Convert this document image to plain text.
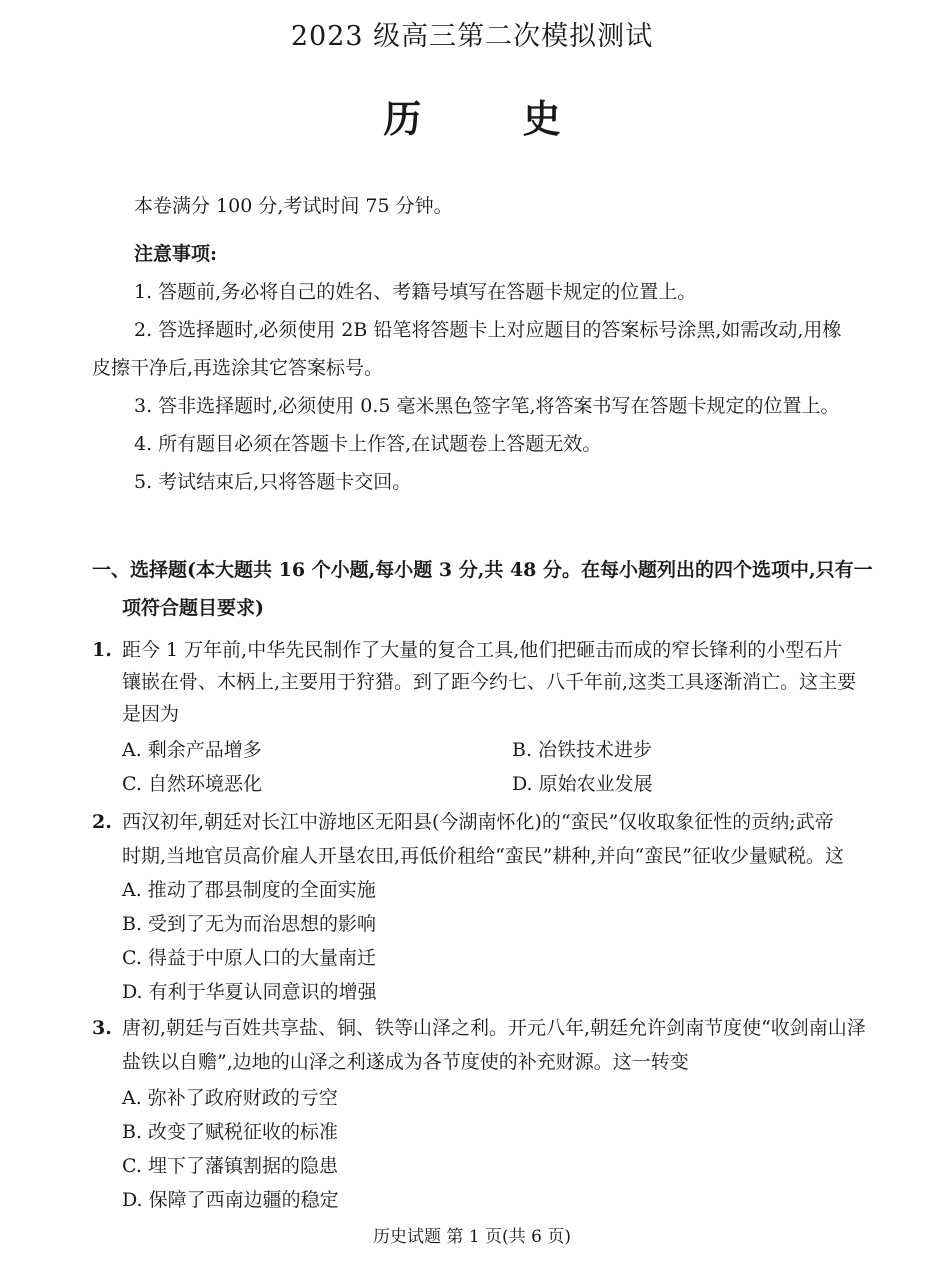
2023 级高三第二次模拟测试
历 史
本卷满分 100 分,考试时间 75 分钟。
注意事项:
1. 答题前,务必将自己的姓名、考籍号填写在答题卡规定的位置上。
2. 答选择题时,必须使用 2B 铅笔将答题卡上对应题目的答案标号涂黑,如需改动,用橡
皮擦干净后,再选涂其它答案标号。
3. 答非选择题时,必须使用 0.5 毫米黑色签字笔,将答案书写在答题卡规定的位置上。
4. 所有题目必须在答题卡上作答,在试题卷上答题无效。
5. 考试结束后,只将答题卡交回。
一、选择题(本大题共 16 个小题,每小题 3 分,共 48 分。在每小题列出的四个选项中,只有一
项符合题目要求)
1. 距今 1 万年前,中华先民制作了大量的复合工具,他们把砸击而成的窄长锋利的小型石片
镶嵌在骨、木柄上,主要用于狩猎。到了距今约七、八千年前,这类工具逐渐消亡。这主要
是因为
A. 剩余产品增多	B. 冶铁技术进步
C. 自然环境恶化	D. 原始农业发展
2. 西汉初年,朝廷对长江中游地区无阳县(今湖南怀化)的“蛮民”仅收取象征性的贡纳;武帝
时期,当地官员高价雇人开垦农田,再低价租给“蛮民”耕种,并向“蛮民”征收少量赋税。这
A. 推动了郡县制度的全面实施
B. 受到了无为而治思想的影响
C. 得益于中原人口的大量南迁
D. 有利于华夏认同意识的增强
3. 唐初,朝廷与百姓共享盐、铜、铁等山泽之利。开元八年,朝廷允许剑南节度使“收剑南山泽
盐铁以自赡”,边地的山泽之利遂成为各节度使的补充财源。这一转变
A. 弥补了政府财政的亏空
B. 改变了赋税征收的标准
C. 埋下了藩镇割据的隐患
D. 保障了西南边疆的稳定
历史试题 第 1 页(共 6 页)
